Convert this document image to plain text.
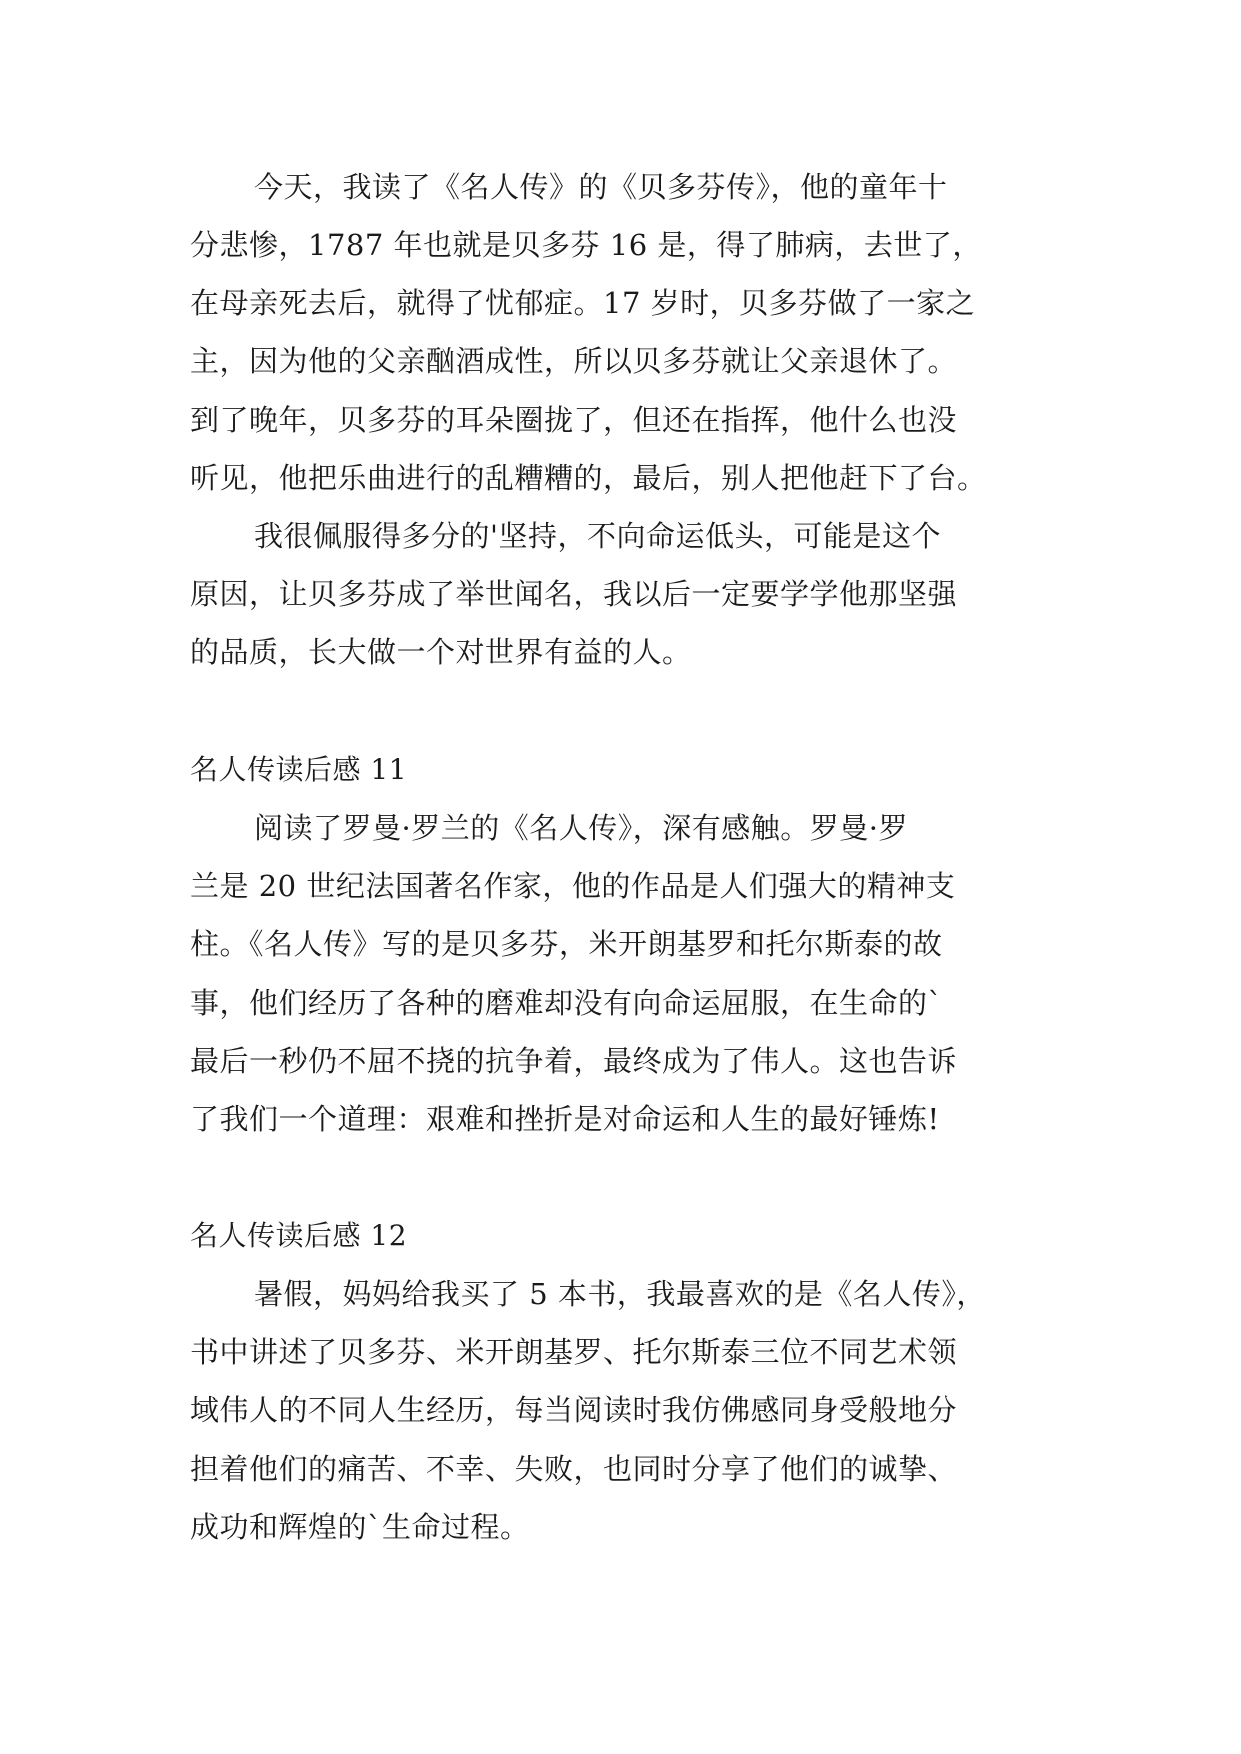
今天，我读了《名人传》的《贝多芬传》，他的童年十
分悲惨，1787 年也就是贝多芬 16 是，得了肺病，去世了，
在母亲死去后，就得了忧郁症。17 岁时，贝多芬做了一家之
主，因为他的父亲酗酒成性，所以贝多芬就让父亲退休了。
到了晚年，贝多芬的耳朵圈拢了，但还在指挥，他什么也没
听见，他把乐曲进行的乱糟糟的，最后，别人把他赶下了台。
我很佩服得多分的'坚持，不向命运低头，可能是这个
原因，让贝多芬成了举世闻名，我以后一定要学学他那坚强
的品质，长大做一个对世界有益的人。
名人传读后感 11
阅读了罗曼·罗兰的《名人传》，深有感触。罗曼·罗
兰是 20 世纪法国著名作家，他的作品是人们强大的精神支
柱。《名人传》写的是贝多芬，米开朗基罗和托尔斯泰的故
事，他们经历了各种的磨难却没有向命运屈服，在生命的`
最后一秒仍不屈不挠的抗争着，最终成为了伟人。这也告诉
了我们一个道理：艰难和挫折是对命运和人生的最好锤炼!
名人传读后感 12
暑假，妈妈给我买了 5 本书，我最喜欢的是《名人传》，
书中讲述了贝多芬、米开朗基罗、托尔斯泰三位不同艺术领
域伟人的不同人生经历，每当阅读时我仿佛感同身受般地分
担着他们的痛苦、不幸、失败，也同时分享了他们的诚挚、
成功和辉煌的`生命过程。
